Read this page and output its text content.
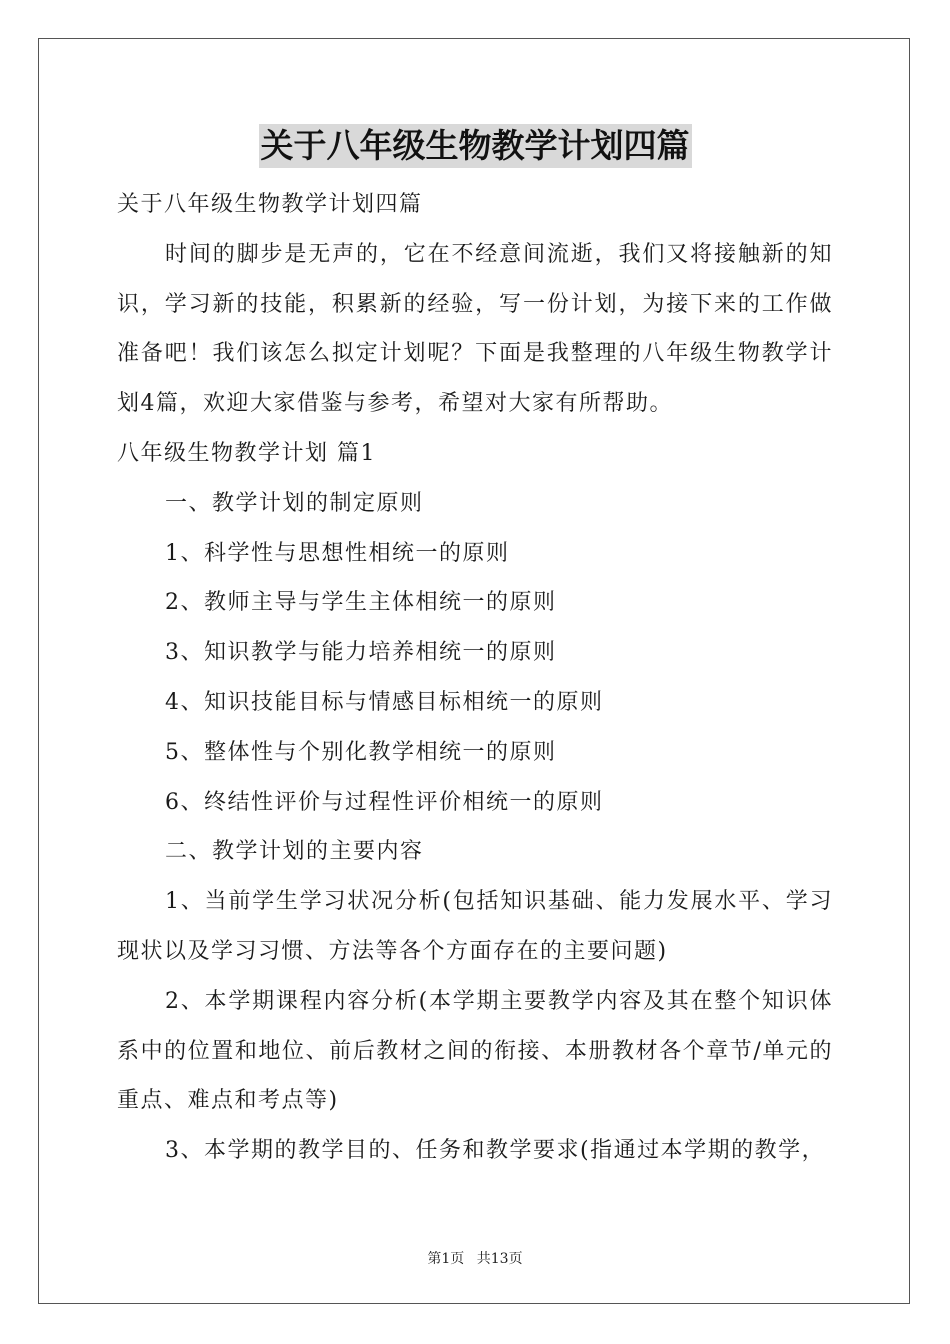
关于八年级生物教学计划四篇

关于八年级生物教学计划四篇

时间的脚步是无声的，它在不经意间流逝，我们又将接触新的知识，学习新的技能，积累新的经验，写一份计划，为接下来的工作做准备吧！我们该怎么拟定计划呢？下面是我整理的八年级生物教学计划4篇，欢迎大家借鉴与参考，希望对大家有所帮助。

八年级生物教学计划 篇1

一、教学计划的制定原则

1、科学性与思想性相统一的原则

2、教师主导与学生主体相统一的原则

3、知识教学与能力培养相统一的原则

4、知识技能目标与情感目标相统一的原则

5、整体性与个别化教学相统一的原则

6、终结性评价与过程性评价相统一的原则

二、教学计划的主要内容

1、当前学生学习状况分析(包括知识基础、能力发展水平、学习现状以及学习习惯、方法等各个方面存在的主要问题)

2、本学期课程内容分析(本学期主要教学内容及其在整个知识体系中的位置和地位、前后教材之间的衔接、本册教材各个章节/单元的重点、难点和考点等)

3、本学期的教学目的、任务和教学要求(指通过本学期的教学，

第1页 共13页
